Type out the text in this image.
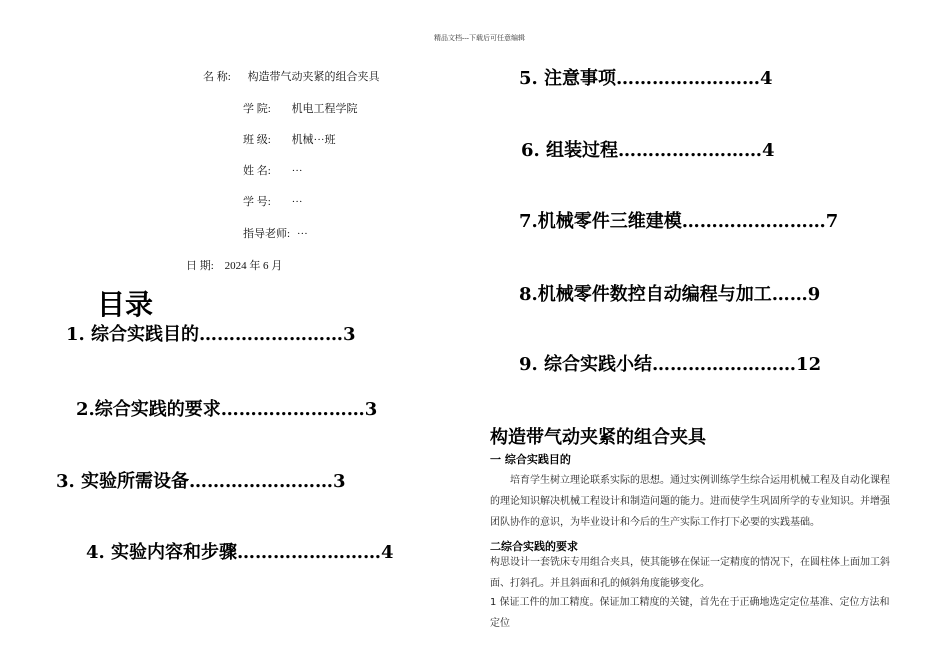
精品文档---下载后可任意编辑
名 称: 构造带气动夹紧的组合夹具
学 院: 机电工程学院
班 级: 机械···班
姓 名: ···
学 号: ···
指导老师: ···
日 期: 2024 年 6 月
目录
1. 综合实践目的……………………3
2.综合实践的要求……………………3
3. 实验所需设备……………………3
4. 实验内容和步骤……………………4
5. 注意事项……………………4
6. 组装过程……………………4
7.机械零件三维建模……………………7
8.机械零件数控自动编程与加工……9
9. 综合实践小结……………………12
构造带气动夹紧的组合夹具
一 综合实践目的
培育学生树立理论联系实际的思想。通过实例训练学生综合运用机械工程及自动化课程的理论知识解决机械工程设计和制造问题的能力。进而使学生巩固所学的专业知识。并增强团队协作的意识，为毕业设计和今后的生产实际工作打下必要的实践基础。
二综合实践的要求
构思设计一套铣床专用组合夹具，使其能够在保证一定精度的情况下，在圆柱体上面加工斜面、打斜孔。并且斜面和孔的倾斜角度能够变化。
1 保证工件的加工精度。保证加工精度的关键，首先在于正确地选定定位基准、定位方法和定位
